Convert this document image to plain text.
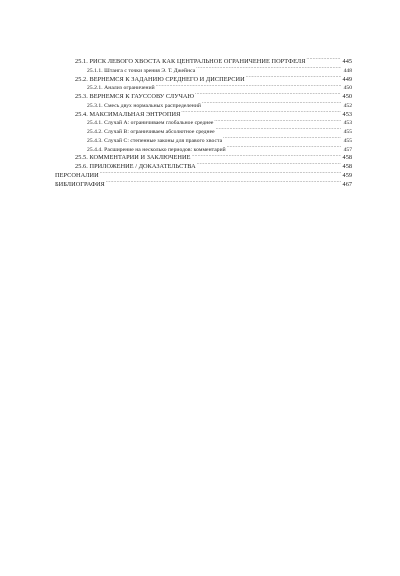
25.1. РИСК ЛЕВОГО ХВОСТА КАК ЦЕНТРАЛЬНОЕ ОГРАНИЧЕНИЕ ПОРТФЕЛЯ .....	445
25.1.1. Штанга с точки зрения Э. Т. Джейнса .....	448
25.2. ВЕРНЕМСЯ К ЗАДАНИЮ СРЕДНЕГО И ДИСПЕРСИИ .....	449
25.2.1. Анализ ограничений .....	450
25.3. ВЕРНЕМСЯ К ГАУССОВУ СЛУЧАЮ .....	450
25.3.1. Смесь двух нормальных распределений .....	452
25.4. МАКСИМАЛЬНАЯ ЭНТРОПИЯ .....	453
25.4.1. Случай А: ограничиваем глобальное среднее .....	453
25.4.2. Случай В: ограничиваем абсолютное среднее .....	455
25.4.3. Случай С: степенные законы для правого хвоста .....	455
25.4.4. Расширение на несколько периодов: комментарий .....	457
25.5. КОММЕНТАРИИ И ЗАКЛЮЧЕНИЕ .....	458
25.6. ПРИЛОЖЕНИЕ / ДОКАЗАТЕЛЬСТВА .....	458
ПЕРСОНАЛИИ .....	459
БИБЛИОГРАФИЯ .....	467
